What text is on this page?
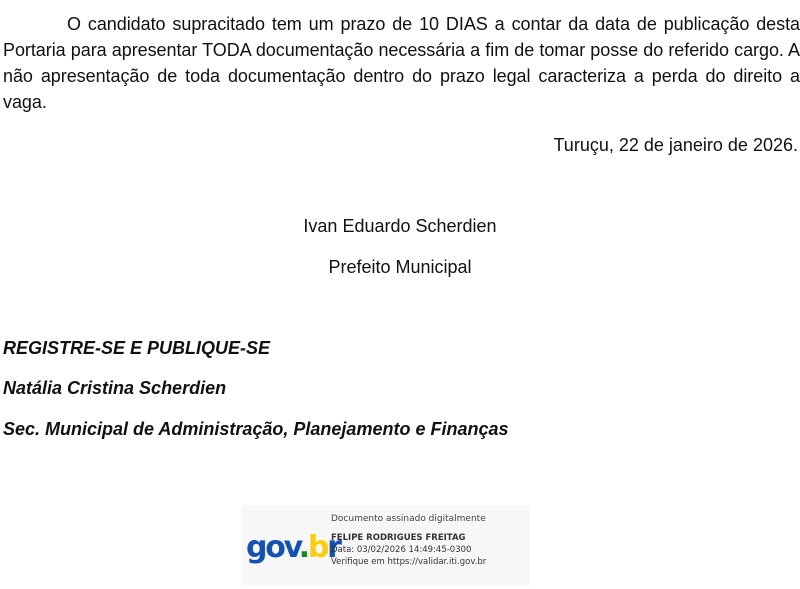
O candidato supracitado tem um prazo de 10 DIAS a contar da data de publicação desta Portaria para apresentar TODA documentação necessária a fim de tomar posse do referido cargo. A não apresentação de toda documentação dentro do prazo legal caracteriza a perda do direito a vaga.

Turuçu, 22 de janeiro de 2026.

Ivan Eduardo Scherdien
Prefeito Municipal
REGISTRE-SE E PUBLIQUE-SE
Natália Cristina Scherdien
Sec. Municipal de Administração, Planejamento e Finanças
gov.br
Documento assinado digitalmente
FELIPE RODRIGUES FREITAG
Data: 03/02/2026 14:49:45-0300
Verifique em https://validar.iti.gov.br
